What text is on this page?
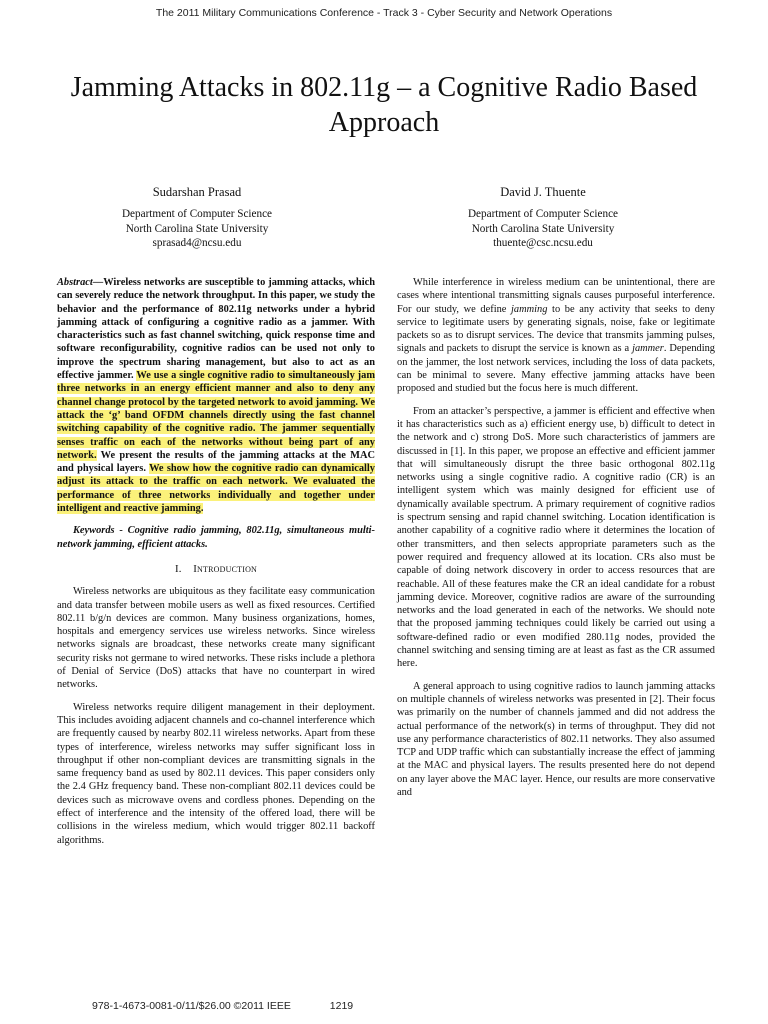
The 2011 Military Communications Conference - Track 3 - Cyber Security and Network Operations
Jamming Attacks in 802.11g – a Cognitive Radio Based Approach
Sudarshan Prasad
Department of Computer Science
North Carolina State University
sprasad4@ncsu.edu
David J. Thuente
Department of Computer Science
North Carolina State University
thuente@csc.ncsu.edu

Abstract—Wireless networks are susceptible to jamming attacks, which can severely reduce the network throughput. In this paper, we study the behavior and the performance of 802.11g networks under a hybrid jamming attack of configuring a cognitive radio as a jammer. With characteristics such as fast channel switching, quick response time and software reconfigurability, cognitive radios can be used not only to improve the spectrum sharing management, but also to act as an effective jammer. We use a single cognitive radio to simultaneously jam three networks in an energy efficient manner and also to deny any channel change protocol by the targeted network to avoid jamming. We attack the ‘g’ band OFDM channels directly using the fast channel switching capability of the cognitive radio. The jammer sequentially senses traffic on each of the networks without being part of any network. We present the results of the jamming attacks at the MAC and physical layers. We show how the cognitive radio can dynamically adjust its attack to the traffic on each network. We evaluated the performance of three networks individually and together under intelligent and reactive jamming.

Keywords - Cognitive radio jamming, 802.11g, simultaneous multi-network jamming, efficient attacks.

I. Introduction

Wireless networks are ubiquitous as they facilitate easy communication and data transfer between mobile users as well as fixed resources. Certified 802.11 b/g/n devices are common. Many business organizations, homes, hospitals and emergency services use wireless networks. Since wireless networks signals are broadcast, these networks create many significant security risks not germane to wired networks. These risks include a plethora of Denial of Service (DoS) attacks that have no counterpart in wired networks.

Wireless networks require diligent management in their deployment. This includes avoiding adjacent channels and co-channel interference which are frequently caused by nearby 802.11 wireless networks. Apart from these types of interference, wireless networks may suffer significant loss in throughput if other non-compliant devices are transmitting signals in the same frequency band as used by 802.11 devices. This paper considers only the 2.4 GHz frequency band. These non-compliant 802.11 devices could be devices such as microwave ovens and cordless phones. Depending on the effect of interference and the intensity of the offered load, there will be collisions in the wireless medium, which would trigger 802.11 backoff algorithms.

While interference in wireless medium can be unintentional, there are cases where intentional transmitting signals causes purposeful interference. For our study, we define jamming to be any activity that seeks to deny service to legitimate users by generating signals, noise, fake or legitimate packets so as to disrupt services. The device that transmits jamming pulses, signals and packets to disrupt the service is known as a jammer. Depending on the jammer, the lost network services, including the loss of data packets, can be minimal to severe. Many effective jamming attacks have been proposed and studied but the focus here is much different.

From an attacker’s perspective, a jammer is efficient and effective when it has characteristics such as a) efficient energy use, b) difficult to detect in the network and c) strong DoS. More such characteristics of jammers are discussed in [1]. In this paper, we propose an effective and efficient jammer that will simultaneously disrupt the three basic orthogonal 802.11g networks using a single cognitive radio. A cognitive radio (CR) is an intelligent system which was mainly designed for efficient use of dynamically available spectrum. A primary requirement of cognitive radios is spectrum sensing and rapid channel switching. Location identification is another capability of a cognitive radio where it determines the location of other transmitters, and then selects appropriate parameters such as the power required and frequency allowed at its location. CRs also must be capable of doing network discovery in order to access resources that are reachable. All of these features make the CR an ideal candidate for a robust jamming device. Moreover, cognitive radios are aware of the surrounding networks and the load generated in each of the networks. We should note that the proposed jamming techniques could likely be carried out using a software-defined radio or even modified 280.11g nodes, provided the channel switching and sensing timing are at least as fast as the CR assumed here.

A general approach to using cognitive radios to launch jamming attacks on multiple channels of wireless networks was presented in [2]. Their focus was primarily on the number of channels jammed and did not address the actual performance of the network(s) in terms of throughput. They did not use any performance characteristics of 802.11 networks. They also assumed TCP and UDP traffic which can substantially increase the effect of jamming at the MAC and physical layers. The results presented here do not depend on any layer above the MAC layer. Hence, our results are more conservative and

978-1-4673-0081-0/11/$26.00 ©2011 IEEE	1219
